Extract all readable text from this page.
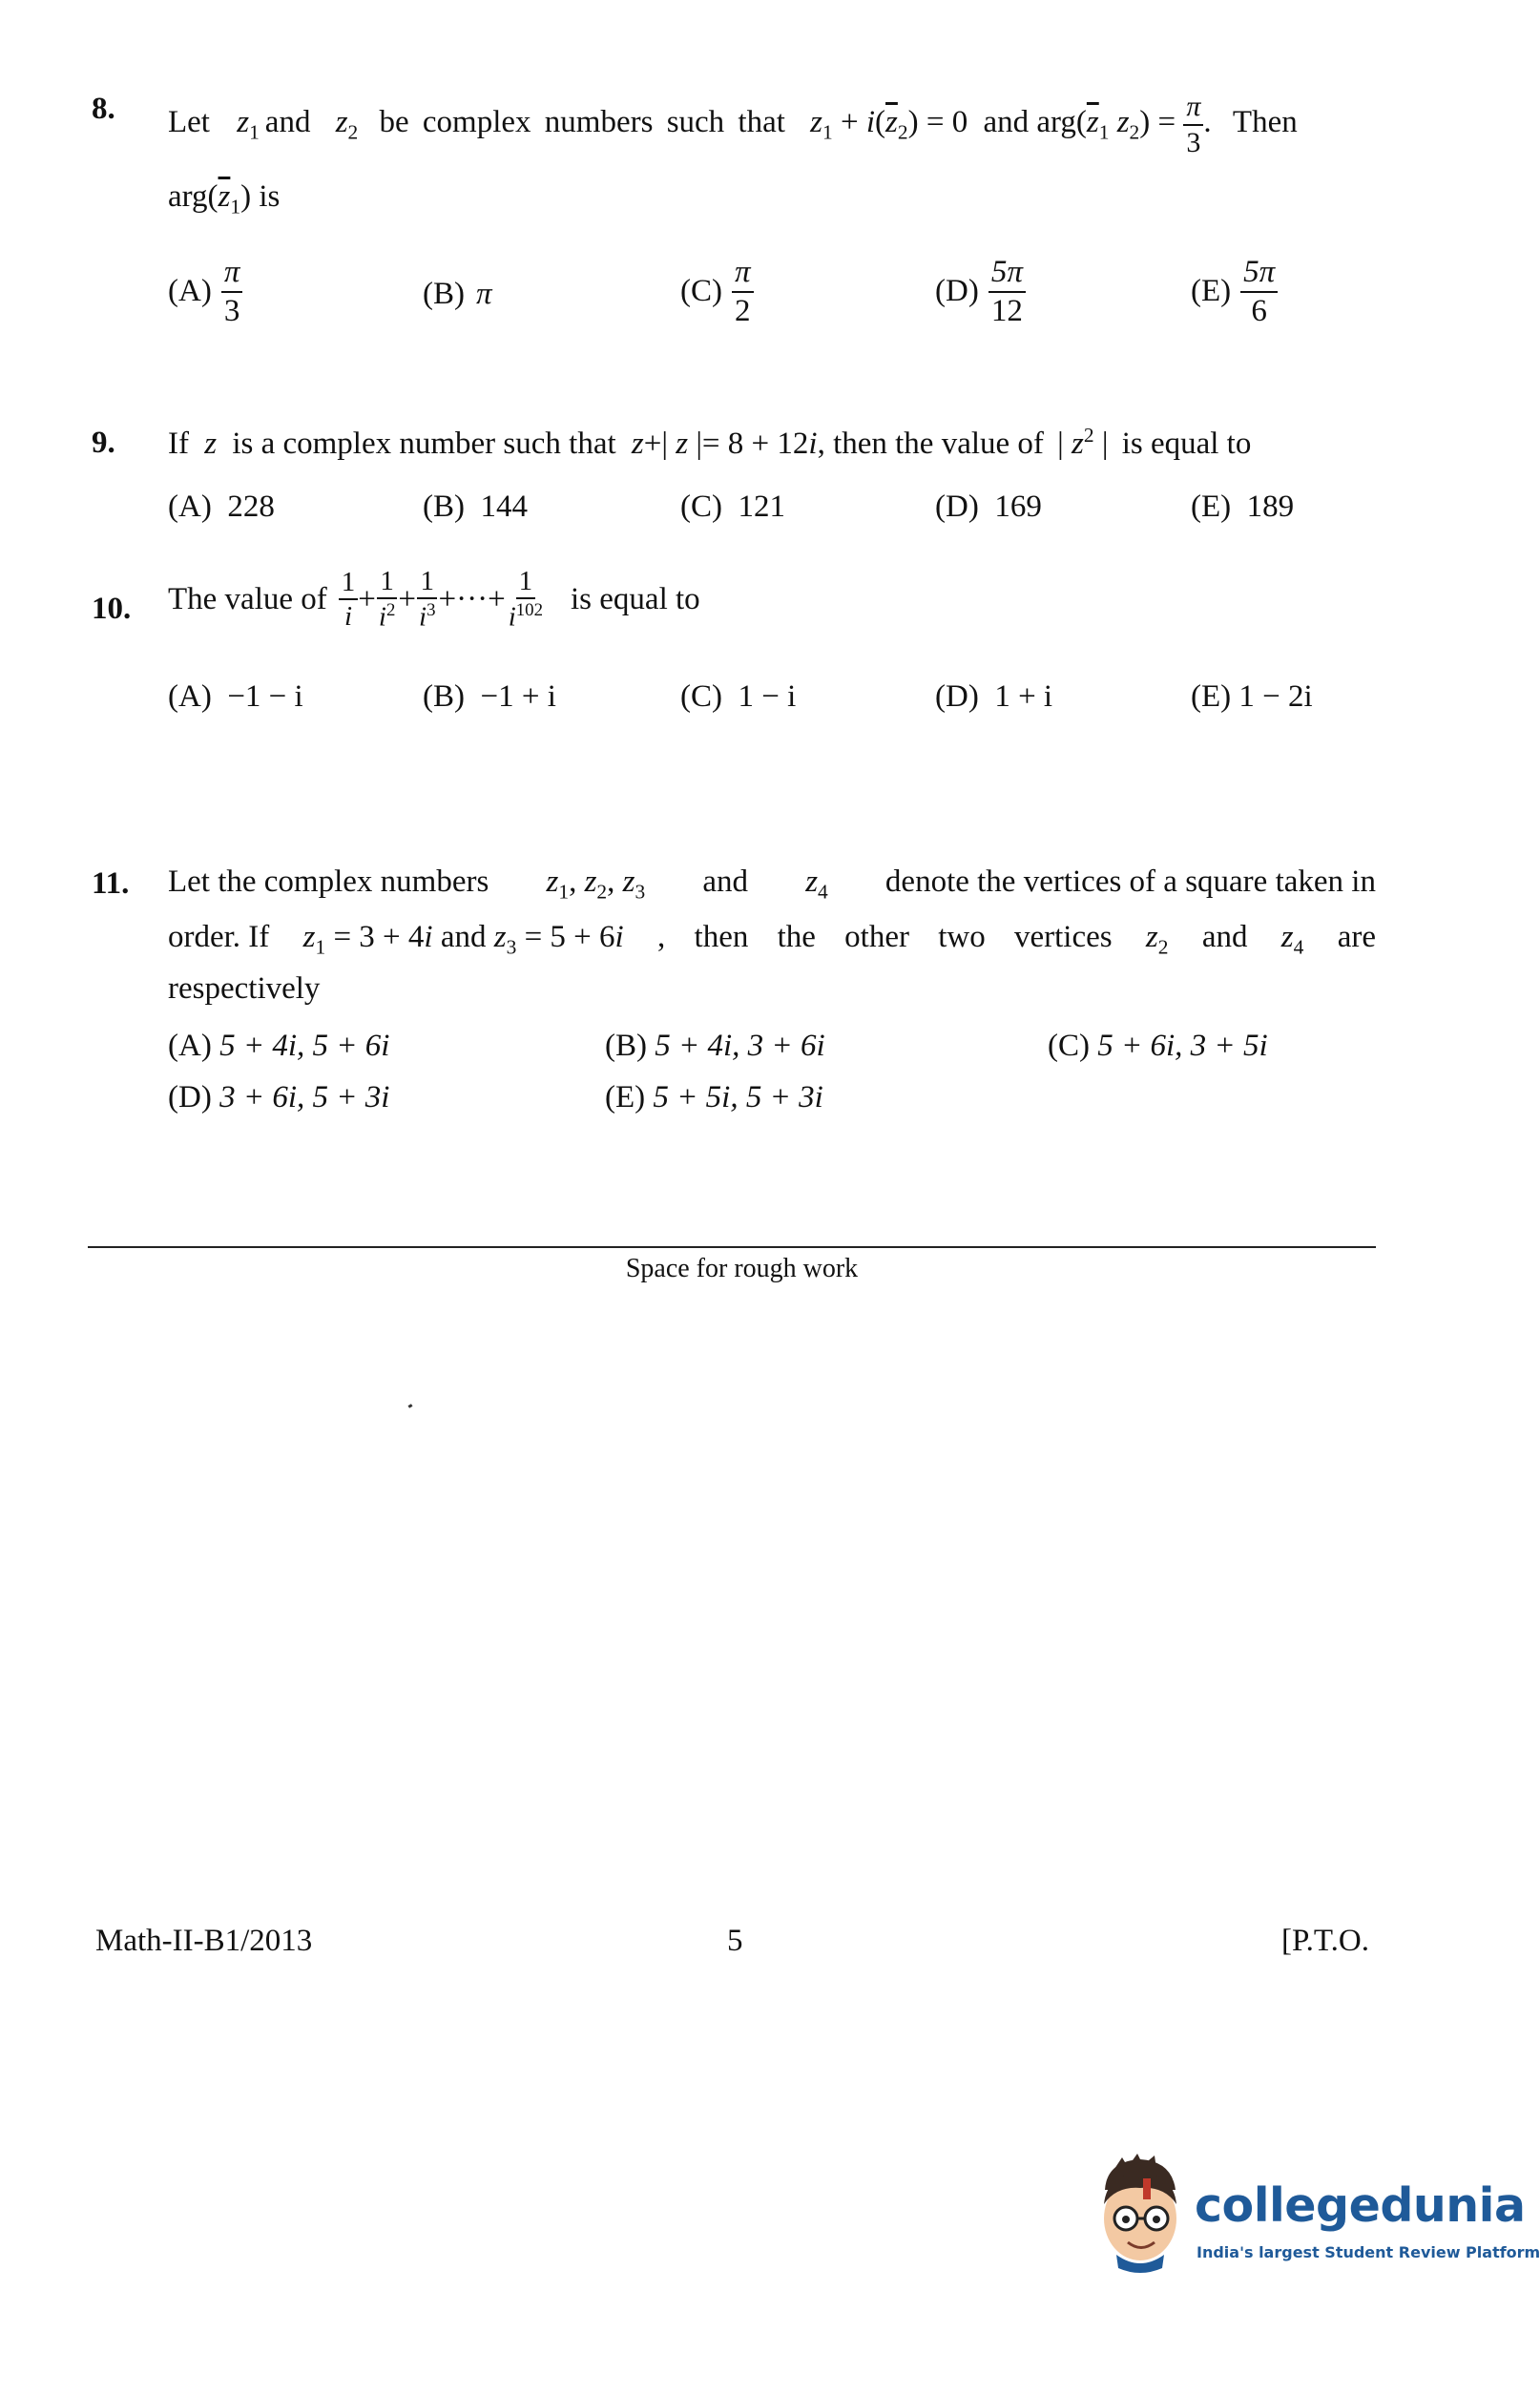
8. Let $z_1$ and $z_2$ be complex numbers such that $z_1 + i(\overline{z}_2) = 0$ and $arg(\overline{z}_1$ $z_2) = \frac{\pi}{3}$ . Then
$arg(\overline{z}_1)$ is
$(A) \frac{\pi}{3}$	(B) π	$(C) \frac{\pi}{2}$	$(D) \frac{5\pi}{12}$	$(E) \frac{5\pi}{6}$
9. If z is a complex number such that z+| z |= 8 + 12i, then the value of | $z^2$ | is equal to
(A) 228	(B) 144	(C) 121	(D) 169	(E) 189
10. The value of $\frac{1}{i} + \frac{1}{i^2} + \frac{1}{i^3}$ +···+ $\frac{1}{i^{102}}$ is equal to
(A) −1 − i	(B) −1 + i	(C) 1 − i	(D) 1 + i	(E) 1 − 2i
11. Let the complex numbers $z_1$, $z_2$, $z_3$ and $z_4$ denote the vertices of a square taken in
order. If $z_1 = 3 + 4i$ and $z_3 = 5 + 6i$ , then the other two vertices $z_2$ and $z_4$ are
respectively
(A) 5 + 4i, 5 + 6i	(B) 5 + 4i, 3 + 6i	(C) 5 + 6i, 3 + 5i
(D) 3 + 6i, 5 + 3i	(E) 5 + 5i, 5 + 3i
Space for rough work
Math-II-B1/2013	5	[P.T.O.
collegedunia
India's largest Student Review Platform
